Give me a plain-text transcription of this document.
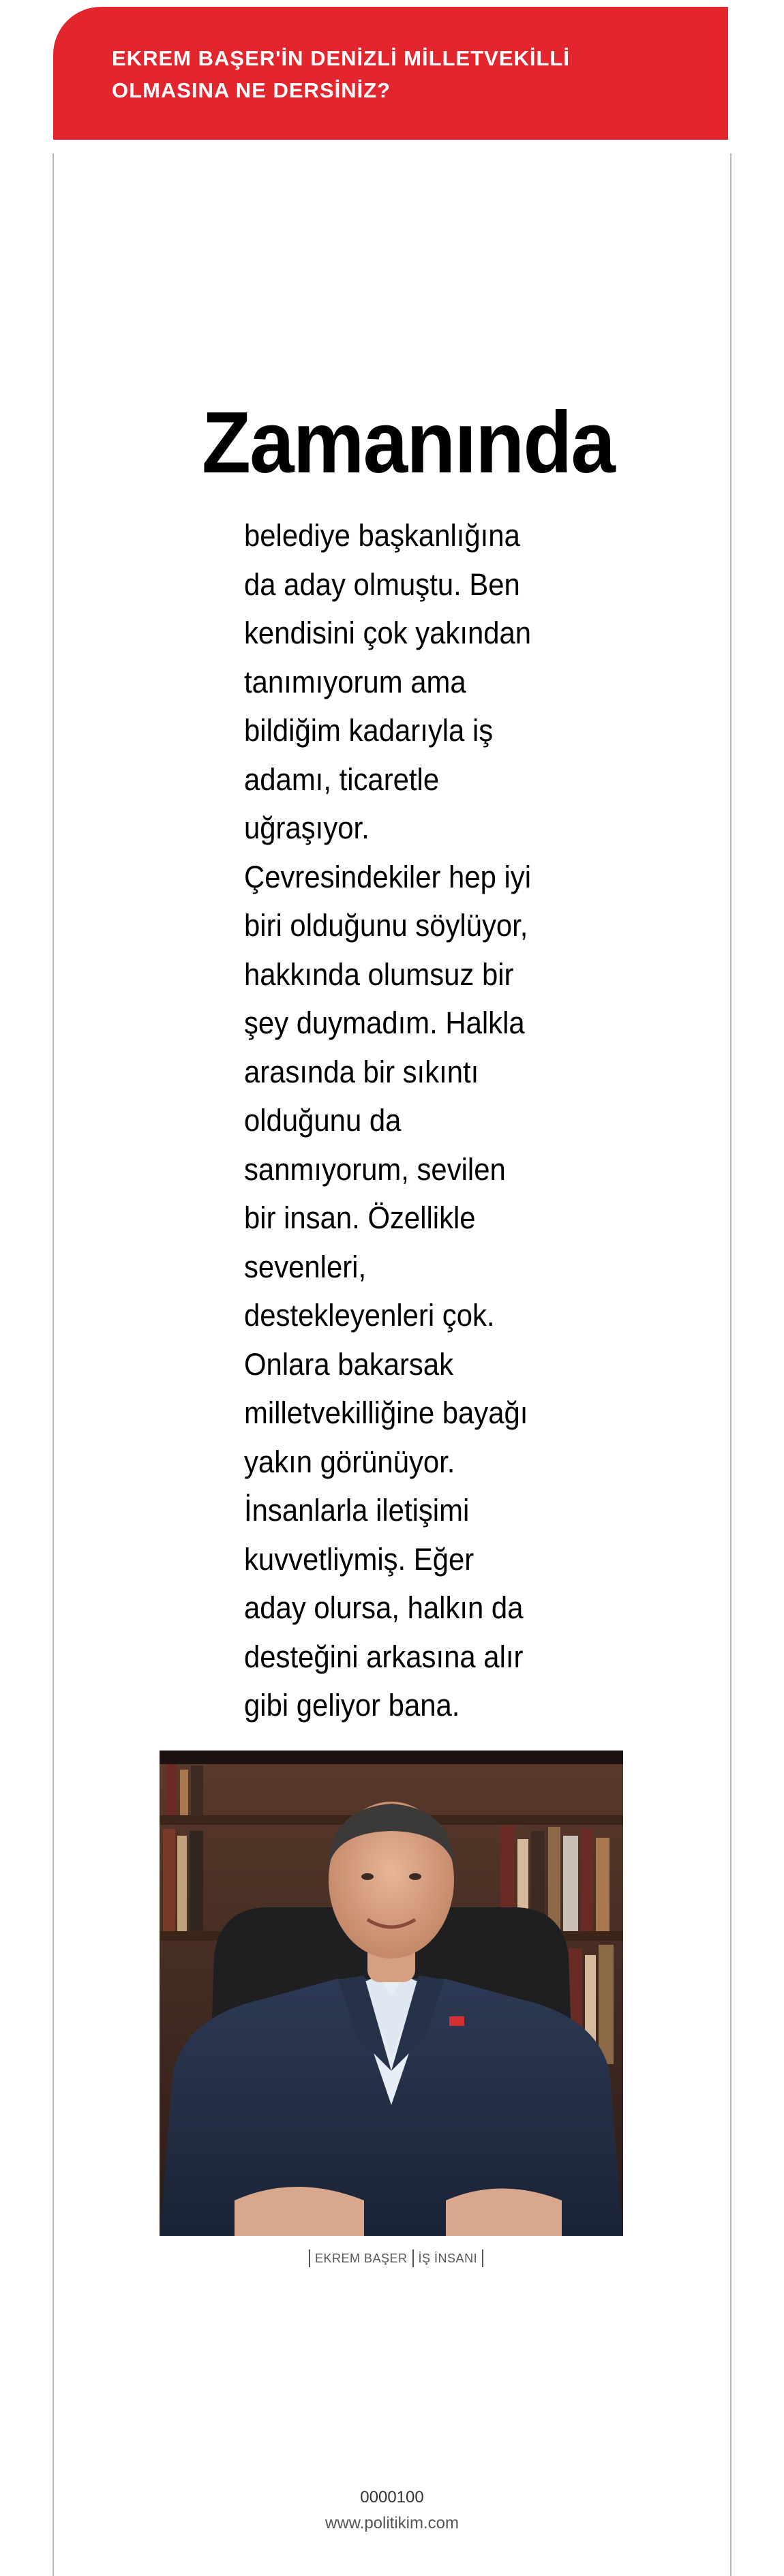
EKREM BAŞER'İN DENİZLİ MİLLETVEKİLLİ OLMASINA NE DERSİNİZ?

Zamanında

belediye başkanlığına da aday olmuştu. Ben kendisini çok yakından tanımıyorum ama bildiğim kadarıyla iş adamı, ticaretle uğraşıyor. Çevresindekiler hep iyi biri olduğunu söylüyor, hakkında olumsuz bir şey duymadım. Halkla arasında bir sıkıntı olduğunu da sanmıyorum, sevilen bir insan. Özellikle sevenleri, destekleyenleri çok. Onlara bakarsak milletvekilliğine bayağı yakın görünüyor. İnsanlarla iletişimi kuvvetliymiş. Eğer aday olursa, halkın da desteğini arkasına alır gibi geliyor bana.

EKREM BAŞER İŞ İNSANI
0000100
www.politikim.com
